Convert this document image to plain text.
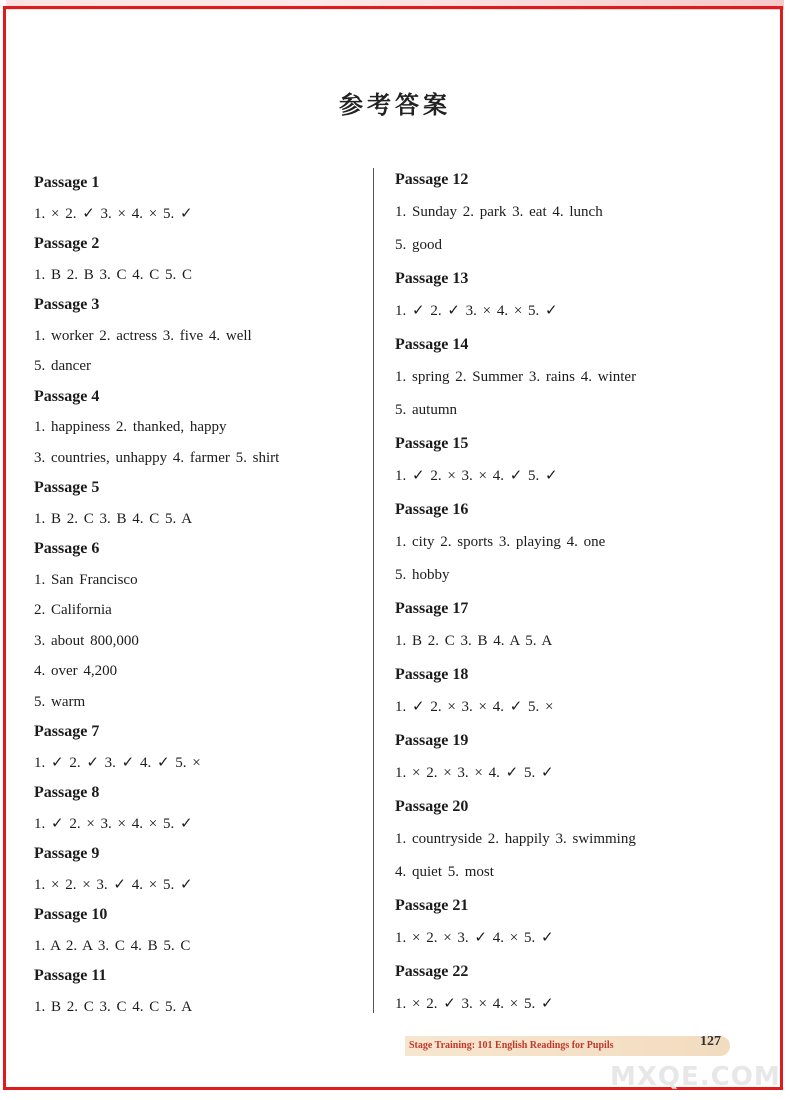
参考答案
Passage 1
1. × 2. ✓ 3. × 4. × 5. ✓
Passage 2
1. B 2. B 3. C 4. C 5. C
Passage 3
1. worker 2. actress 3. five 4. well
5. dancer
Passage 4
1. happiness 2. thanked, happy
3. countries, unhappy 4. farmer 5. shirt
Passage 5
1. B 2. C 3. B 4. C 5. A
Passage 6
1. San Francisco
2. California
3. about 800,000
4. over 4,200
5. warm
Passage 7
1. ✓ 2. ✓ 3. ✓ 4. ✓ 5. ×
Passage 8
1. ✓ 2. × 3. × 4. × 5. ✓
Passage 9
1. × 2. × 3. ✓ 4. × 5. ✓
Passage 10
1. A 2. A 3. C 4. B 5. C
Passage 11
1. B 2. C 3. C 4. C 5. A
Passage 12
1. Sunday 2. park 3. eat 4. lunch
5. good
Passage 13
1. ✓ 2. ✓ 3. × 4. × 5. ✓
Passage 14
1. spring 2. Summer 3. rains 4. winter
5. autumn
Passage 15
1. ✓ 2. × 3. × 4. ✓ 5. ✓
Passage 16
1. city 2. sports 3. playing 4. one
5. hobby
Passage 17
1. B 2. C 3. B 4. A 5. A
Passage 18
1. ✓ 2. × 3. × 4. ✓ 5. ×
Passage 19
1. × 2. × 3. × 4. ✓ 5. ✓
Passage 20
1. countryside 2. happily 3. swimming
4. quiet 5. most
Passage 21
1. × 2. × 3. ✓ 4. × 5. ✓
Passage 22
1. × 2. ✓ 3. × 4. × 5. ✓
Stage Training: 101 English Readings for Pupils	127
MXQE.COM
